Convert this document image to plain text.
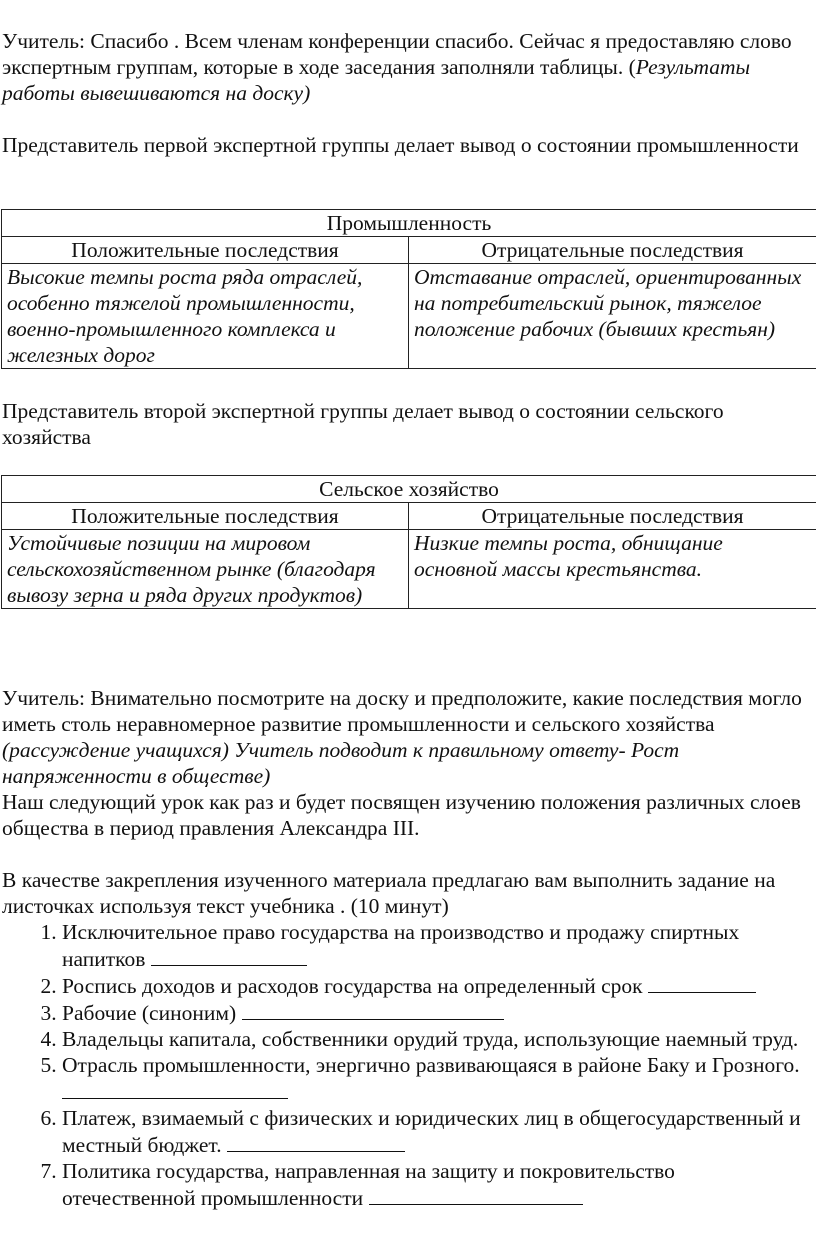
Учитель: Спасибо . Всем членам конференции спасибо. Сейчас я предоставляю слово экспертным группам, которые в ходе заседания заполняли таблицы. (Результаты работы вывешиваются на доску)

Представитель первой экспертной группы делает вывод о состоянии промышленности

Промышленность	
Положительные последствия	Отрицательные последствия
Высокие темпы роста ряда отраслей, особенно тяжелой промышленности, военно-промышленного комплекса и железных дорог	Отставание отраслей, ориентированных на потребительский рынок, тяжелое положение рабочих (бывших крестьян)

Представитель второй экспертной группы делает вывод о состоянии сельского хозяйства

Сельское хозяйство	
Положительные последствия	Отрицательные последствия
Устойчивые позиции на мировом сельскохозяйственном рынке (благодаря вывозу зерна и ряда других продуктов)	Низкие темпы роста, обнищание основной массы крестьянства.

Учитель: Внимательно посмотрите на доску и предположите, какие последствия могло иметь столь неравномерное развитие промышленности и сельского хозяйства (рассуждение учащихся) Учитель подводит к правильному ответу- Рост напряженности в обществе)

Наш следующий урок как раз и будет посвящен изучению положения различных слоев общества в период правления Александра III.

В качестве закрепления изученного материала предлагаю вам выполнить задание на листочках используя текст учебника . (10 минут)

1. Исключительное право государства на производство и продажу спиртных напитков
2. Роспись доходов и расходов государства на определенный срок
3. Рабочие (синоним)
4. Владельцы капитала, собственники орудий труда, использующие наемный труд.
5. Отрасль промышленности, энергично развивающаяся в районе Баку и Грозного.
6. Платеж, взимаемый с физических и юридических лиц в общегосударственный и местный бюджет.
7. Политика государства, направленная на защиту и покровительство отечественной промышленности
